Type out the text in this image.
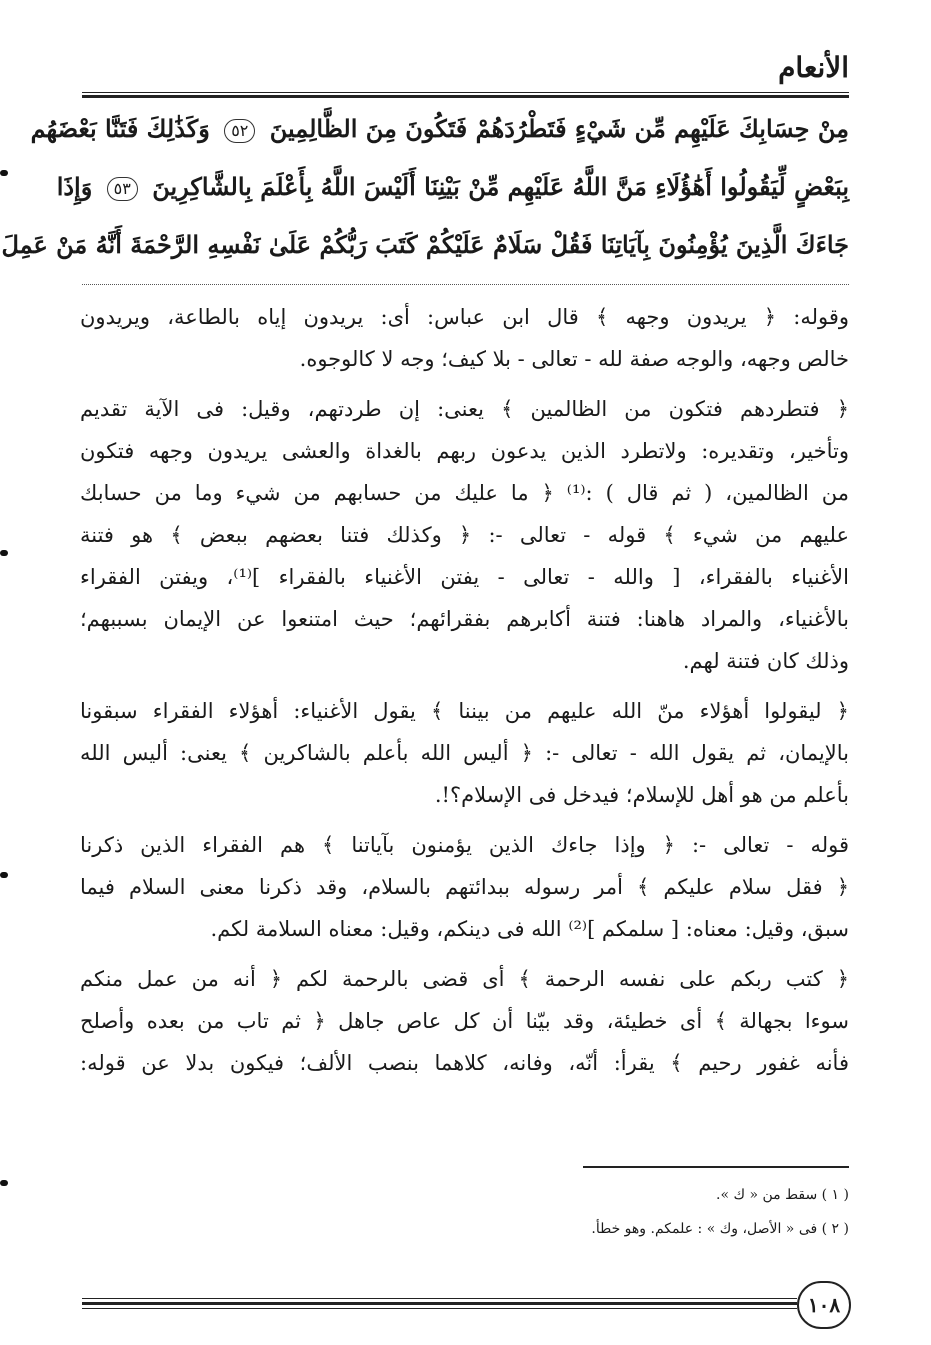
الأنعام
مِنْ حِسَابِكَ عَلَيْهِم مِّن شَيْءٍ فَتَطْرُدَهُمْ فَتَكُونَ مِنَ الظَّالِمِينَ ٥٢ وَكَذَٰلِكَ فَتَنَّا بَعْضَهُم
بِبَعْضٍ لِّيَقُولُوا أَهَٰؤُلَاءِ مَنَّ اللَّهُ عَلَيْهِم مِّنْ بَيْنِنَا أَلَيْسَ اللَّهُ بِأَعْلَمَ بِالشَّاكِرِينَ ٥٣ وَإِذَا
جَاءَكَ الَّذِينَ يُؤْمِنُونَ بِآيَاتِنَا فَقُلْ سَلَامٌ عَلَيْكُمْ كَتَبَ رَبُّكُمْ عَلَىٰ نَفْسِهِ الرَّحْمَةَ أَنَّهُ مَنْ عَمِلَ

وقوله: ﴿ يريدون وجهه ﴾ قال ابن عباس: أى: يريدون إياه بالطاعة، ويريدون
خالص وجهه، والوجه صفة لله - تعالى - بلا كيف؛ وجه لا كالوجوه.

﴿ فتطردهم فتكون من الظالمين ﴾ يعنى: إن طردتهم، وقيل: فى الآية تقديم
وتأخير، وتقديره: ولاتطرد الذين يدعون ربهم بالغداة والعشى يريدون وجهه فتكون
من الظالمين، ( ثم قال ) :⁽¹⁾ ﴿ ما عليك من حسابهم من شيء وما من حسابك
عليهم من شيء ﴾ قوله - تعالى -: ﴿ وكذلك فتنا بعضهم ببعض ﴾ هو فتنة
الأغنياء بالفقراء، [ والله - تعالى - يفتن الأغنياء بالفقراء ]⁽¹⁾، ويفتن الفقراء
بالأغنياء، والمراد هاهنا: فتنة أكابرهم بفقرائهم؛ حيث امتنعوا عن الإيمان بسببهم؛
وذلك كان فتنة لهم.

﴿ ليقولوا أهؤلاء منّ الله عليهم من بيننا ﴾ يقول الأغنياء: أهؤلاء الفقراء سبقونا
بالإيمان، ثم يقول الله - تعالى -: ﴿ أليس الله بأعلم بالشاكرين ﴾ يعنى: أليس الله
بأعلم من هو أهل للإسلام؛ فيدخل فى الإسلام؟!.

قوله - تعالى -: ﴿ وإذا جاءك الذين يؤمنون بآياتنا ﴾ هم الفقراء الذين ذكرنا
﴿ فقل سلام عليكم ﴾ أمر رسوله ببدائتهم بالسلام، وقد ذكرنا معنى السلام فيما
سبق، وقيل: معناه: [ سلمكم ]⁽²⁾ الله فى دينكم، وقيل: معناه السلامة لكم.

﴿ كتب ربكم على نفسه الرحمة ﴾ أى قضى بالرحمة لكم ﴿ أنه من عمل منكم
سوءا بجهالة ﴾ أى خطيئة، وقد بيّنا أن كل عاص جاهل ﴿ ثم تاب من بعده وأصلح
فأنه غفور رحيم ﴾ يقرأ: أنّه، وفانه، كلاهما بنصب الألف؛ فيكون بدلا عن قوله:

( ١ ) سقط من « ك ».
( ٢ ) فى « الأصل، وك » : علمكم. وهو خطأ.
١٠٨
